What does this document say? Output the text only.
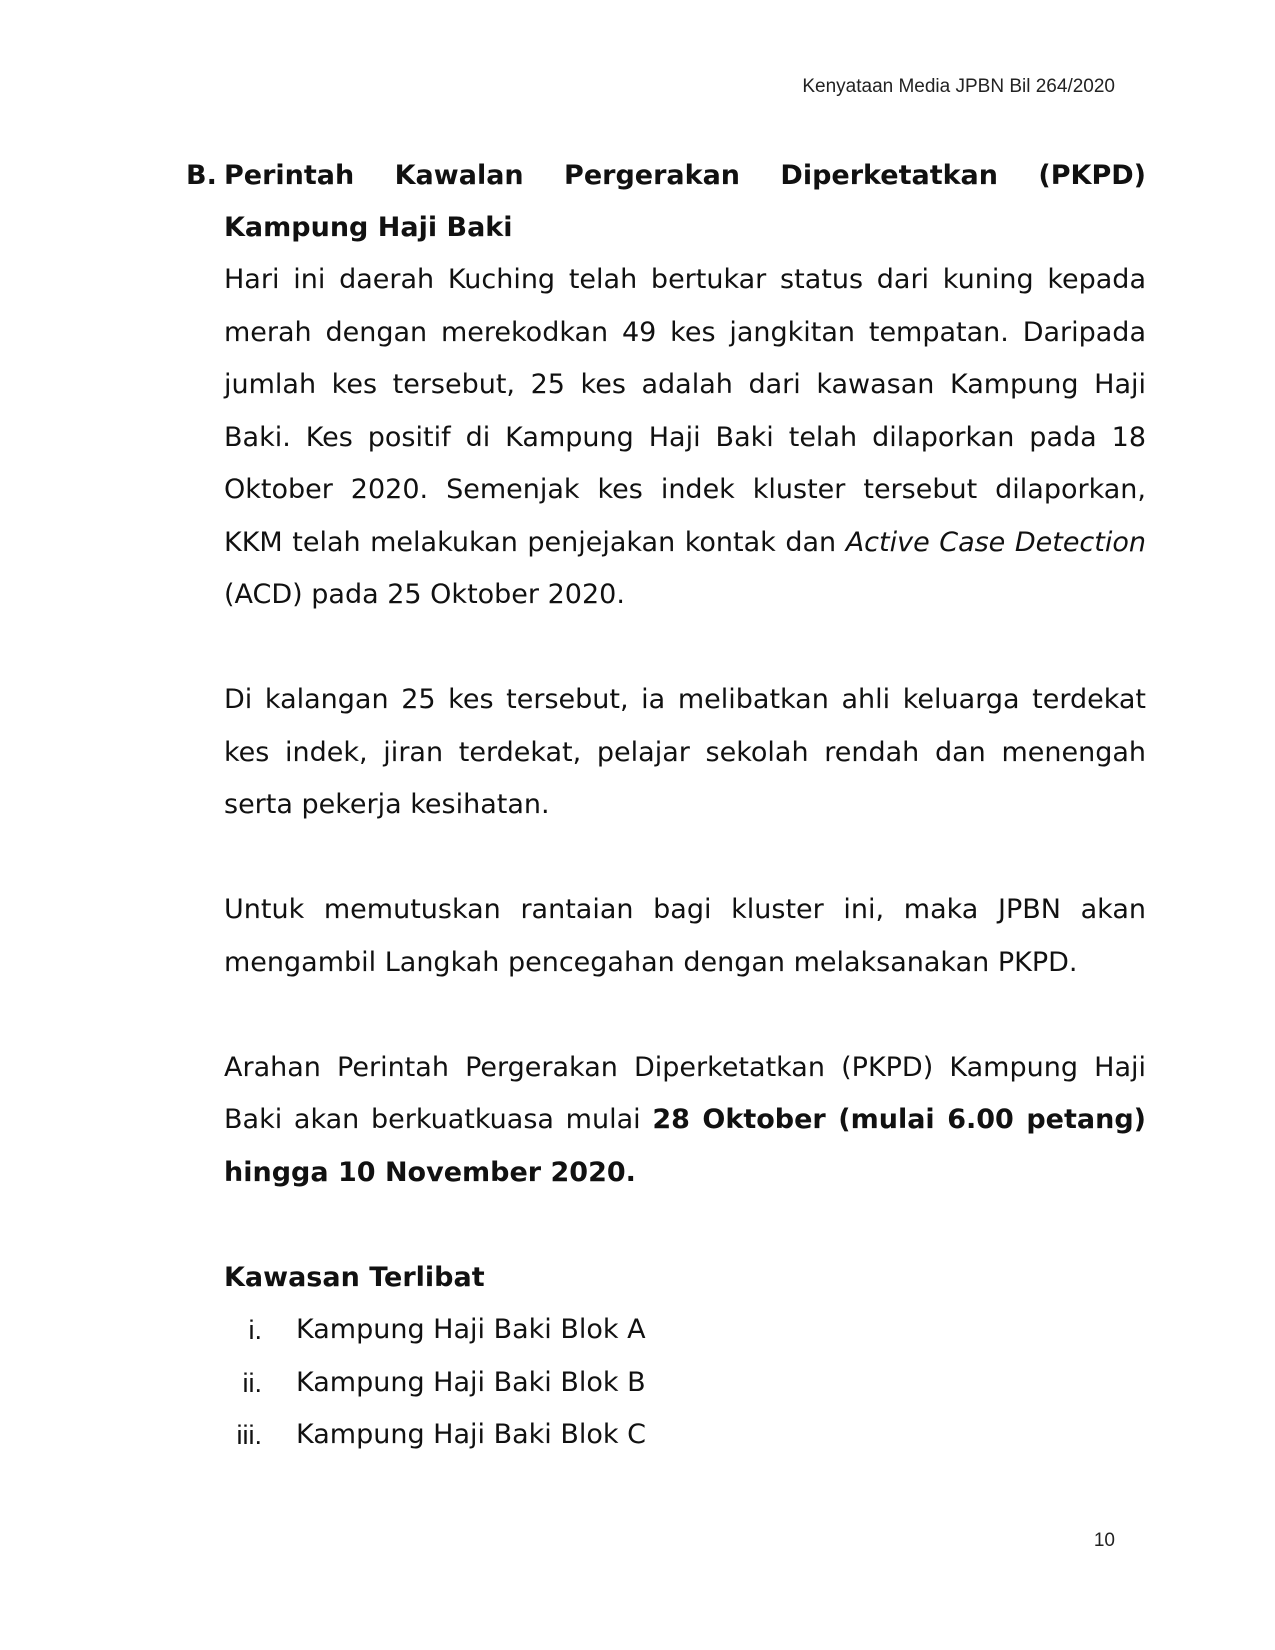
Kenyataan Media JPBN Bil 264/2020
B. Perintah Kawalan Pergerakan Diperketatkan (PKPD) Kampung Haji Baki

Hari ini daerah Kuching telah bertukar status dari kuning kepada merah dengan merekodkan 49 kes jangkitan tempatan. Daripada jumlah kes tersebut, 25 kes adalah dari kawasan Kampung Haji Baki. Kes positif di Kampung Haji Baki telah dilaporkan pada 18 Oktober 2020. Semenjak kes indek kluster tersebut dilaporkan, KKM telah melakukan penjejakan kontak dan Active Case Detection (ACD) pada 25 Oktober 2020.

Di kalangan 25 kes tersebut, ia melibatkan ahli keluarga terdekat kes indek, jiran terdekat, pelajar sekolah rendah dan menengah serta pekerja kesihatan.

Untuk memutuskan rantaian bagi kluster ini, maka JPBN akan mengambil Langkah pencegahan dengan melaksanakan PKPD.

Arahan Perintah Pergerakan Diperketatkan (PKPD) Kampung Haji Baki akan berkuatkuasa mulai 28 Oktober (mulai 6.00 petang) hingga 10 November 2020.

Kawasan Terlibat
i. Kampung Haji Baki Blok A
ii. Kampung Haji Baki Blok B
iii. Kampung Haji Baki Blok C
10
